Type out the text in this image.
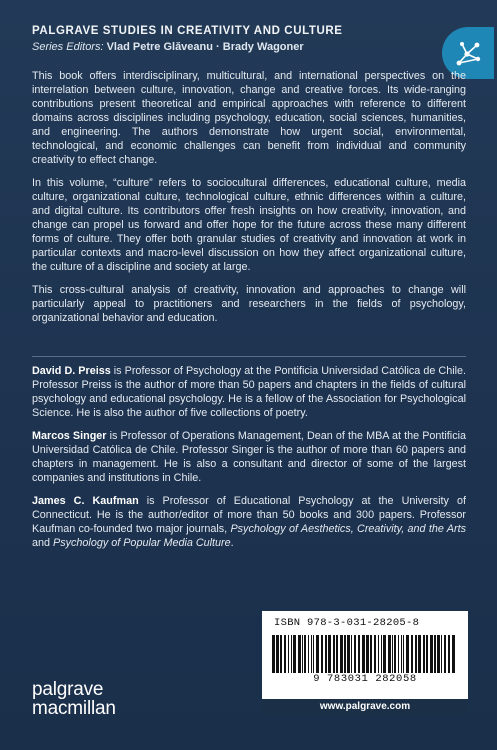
PALGRAVE STUDIES IN CREATIVITY AND CULTURE
Series Editors: Vlad Petre Glăveanu · Brady Wagoner

This book offers interdisciplinary, multicultural, and international perspectives on the interrelation between culture, innovation, change and creative forces. Its wide-ranging contributions present theoretical and empirical approaches with reference to different domains across disciplines including psychology, education, social sciences, humanities, and engineering. The authors demonstrate how urgent social, environmental, technological, and economic challenges can benefit from individual and community creativity to effect change.

In this volume, “culture” refers to sociocultural differences, educational culture, media culture, organizational culture, technological culture, ethnic differences within a culture, and digital culture. Its contributors offer fresh insights on how creativity, innovation, and change can propel us forward and offer hope for the future across these many different forms of culture. They offer both granular studies of creativity and innovation at work in particular contexts and macro-level discussion on how they affect organizational culture, the culture of a discipline and society at large.

This cross-cultural analysis of creativity, innovation and approaches to change will particularly appeal to practitioners and researchers in the fields of psychology, organizational behavior and education.

David D. Preiss is Professor of Psychology at the Pontificia Universidad Católica de Chile. Professor Preiss is the author of more than 50 papers and chapters in the fields of cultural psychology and educational psychology. He is a fellow of the Association for Psychological Science. He is also the author of five collections of poetry.

Marcos Singer is Professor of Operations Management, Dean of the MBA at the Pontificia Universidad Católica de Chile. Professor Singer is the author of more than 60 papers and chapters in management. He is also a consultant and director of some of the largest companies and institutions in Chile.

James C. Kaufman is Professor of Educational Psychology at the University of Connecticut. He is the author/editor of more than 50 books and 300 papers. Professor Kaufman co-founded two major journals, Psychology of Aesthetics, Creativity, and the Arts and Psychology of Popular Media Culture.

ISBN 978-3-031-28205-8
9 783031 282058
www.palgrave.com
palgrave
macmillan
